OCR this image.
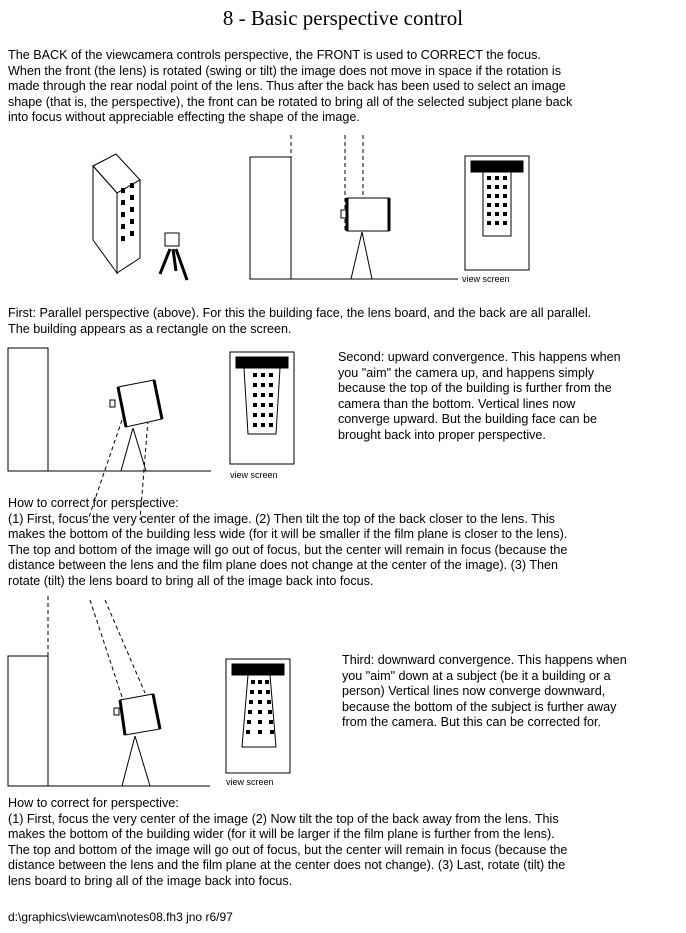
8 - Basic perspective control
The BACK of the viewcamera controls perspective, the FRONT is used to CORRECT the focus.
When the front (the lens) is rotated (swing or tilt) the image does not move in space if the rotation is
made through the rear nodal point of the lens. Thus after the back has been used to select an image
shape (that is, the perspective), the front can be rotated to bring all of the selected subject plane back
into focus without appreciable effecting the shape of the image.
view screen
First: Parallel perspective (above). For this the building face, the lens board, and the back are all parallel.
The building appears as a rectangle on the screen.
view screen
Second: upward convergence. This happens when
you "aim" the camera up, and happens simply
because the top of the building is further from the
camera than the bottom. Vertical lines now
converge upward. But the building face can be
brought back into proper perspective.
How to correct for perspective:
(1) First, focus the very center of the image. (2) Then tilt the top of the back closer to the lens. This
makes the bottom of the building less wide (for it will be smaller if the film plane is closer to the lens).
The top and bottom of the image will go out of focus, but the center will remain in focus (because the
distance between the lens and the film plane does not change at the center of the image). (3) Then
rotate (tilt) the lens board to bring all of the image back into focus.
view screen
Third: downward convergence. This happens when
you "aim" down at a subject (be it a building or a
person) Vertical lines now converge downward,
because the bottom of the subject is further away
from the camera. But this can be corrected for.
How to correct for perspective:
(1) First, focus the very center of the image (2) Now tilt the top of the back away from the lens. This
makes the bottom of the building wider (for it will be larger if the film plane is further from the lens).
The top and bottom of the image will go out of focus, but the center will remain in focus (because the
distance between the lens and the film plane at the center does not change). (3) Last, rotate (tilt) the
lens board to bring all of the image back into focus.
d:\graphics\viewcam\notes08.fh3 jno r6/97
